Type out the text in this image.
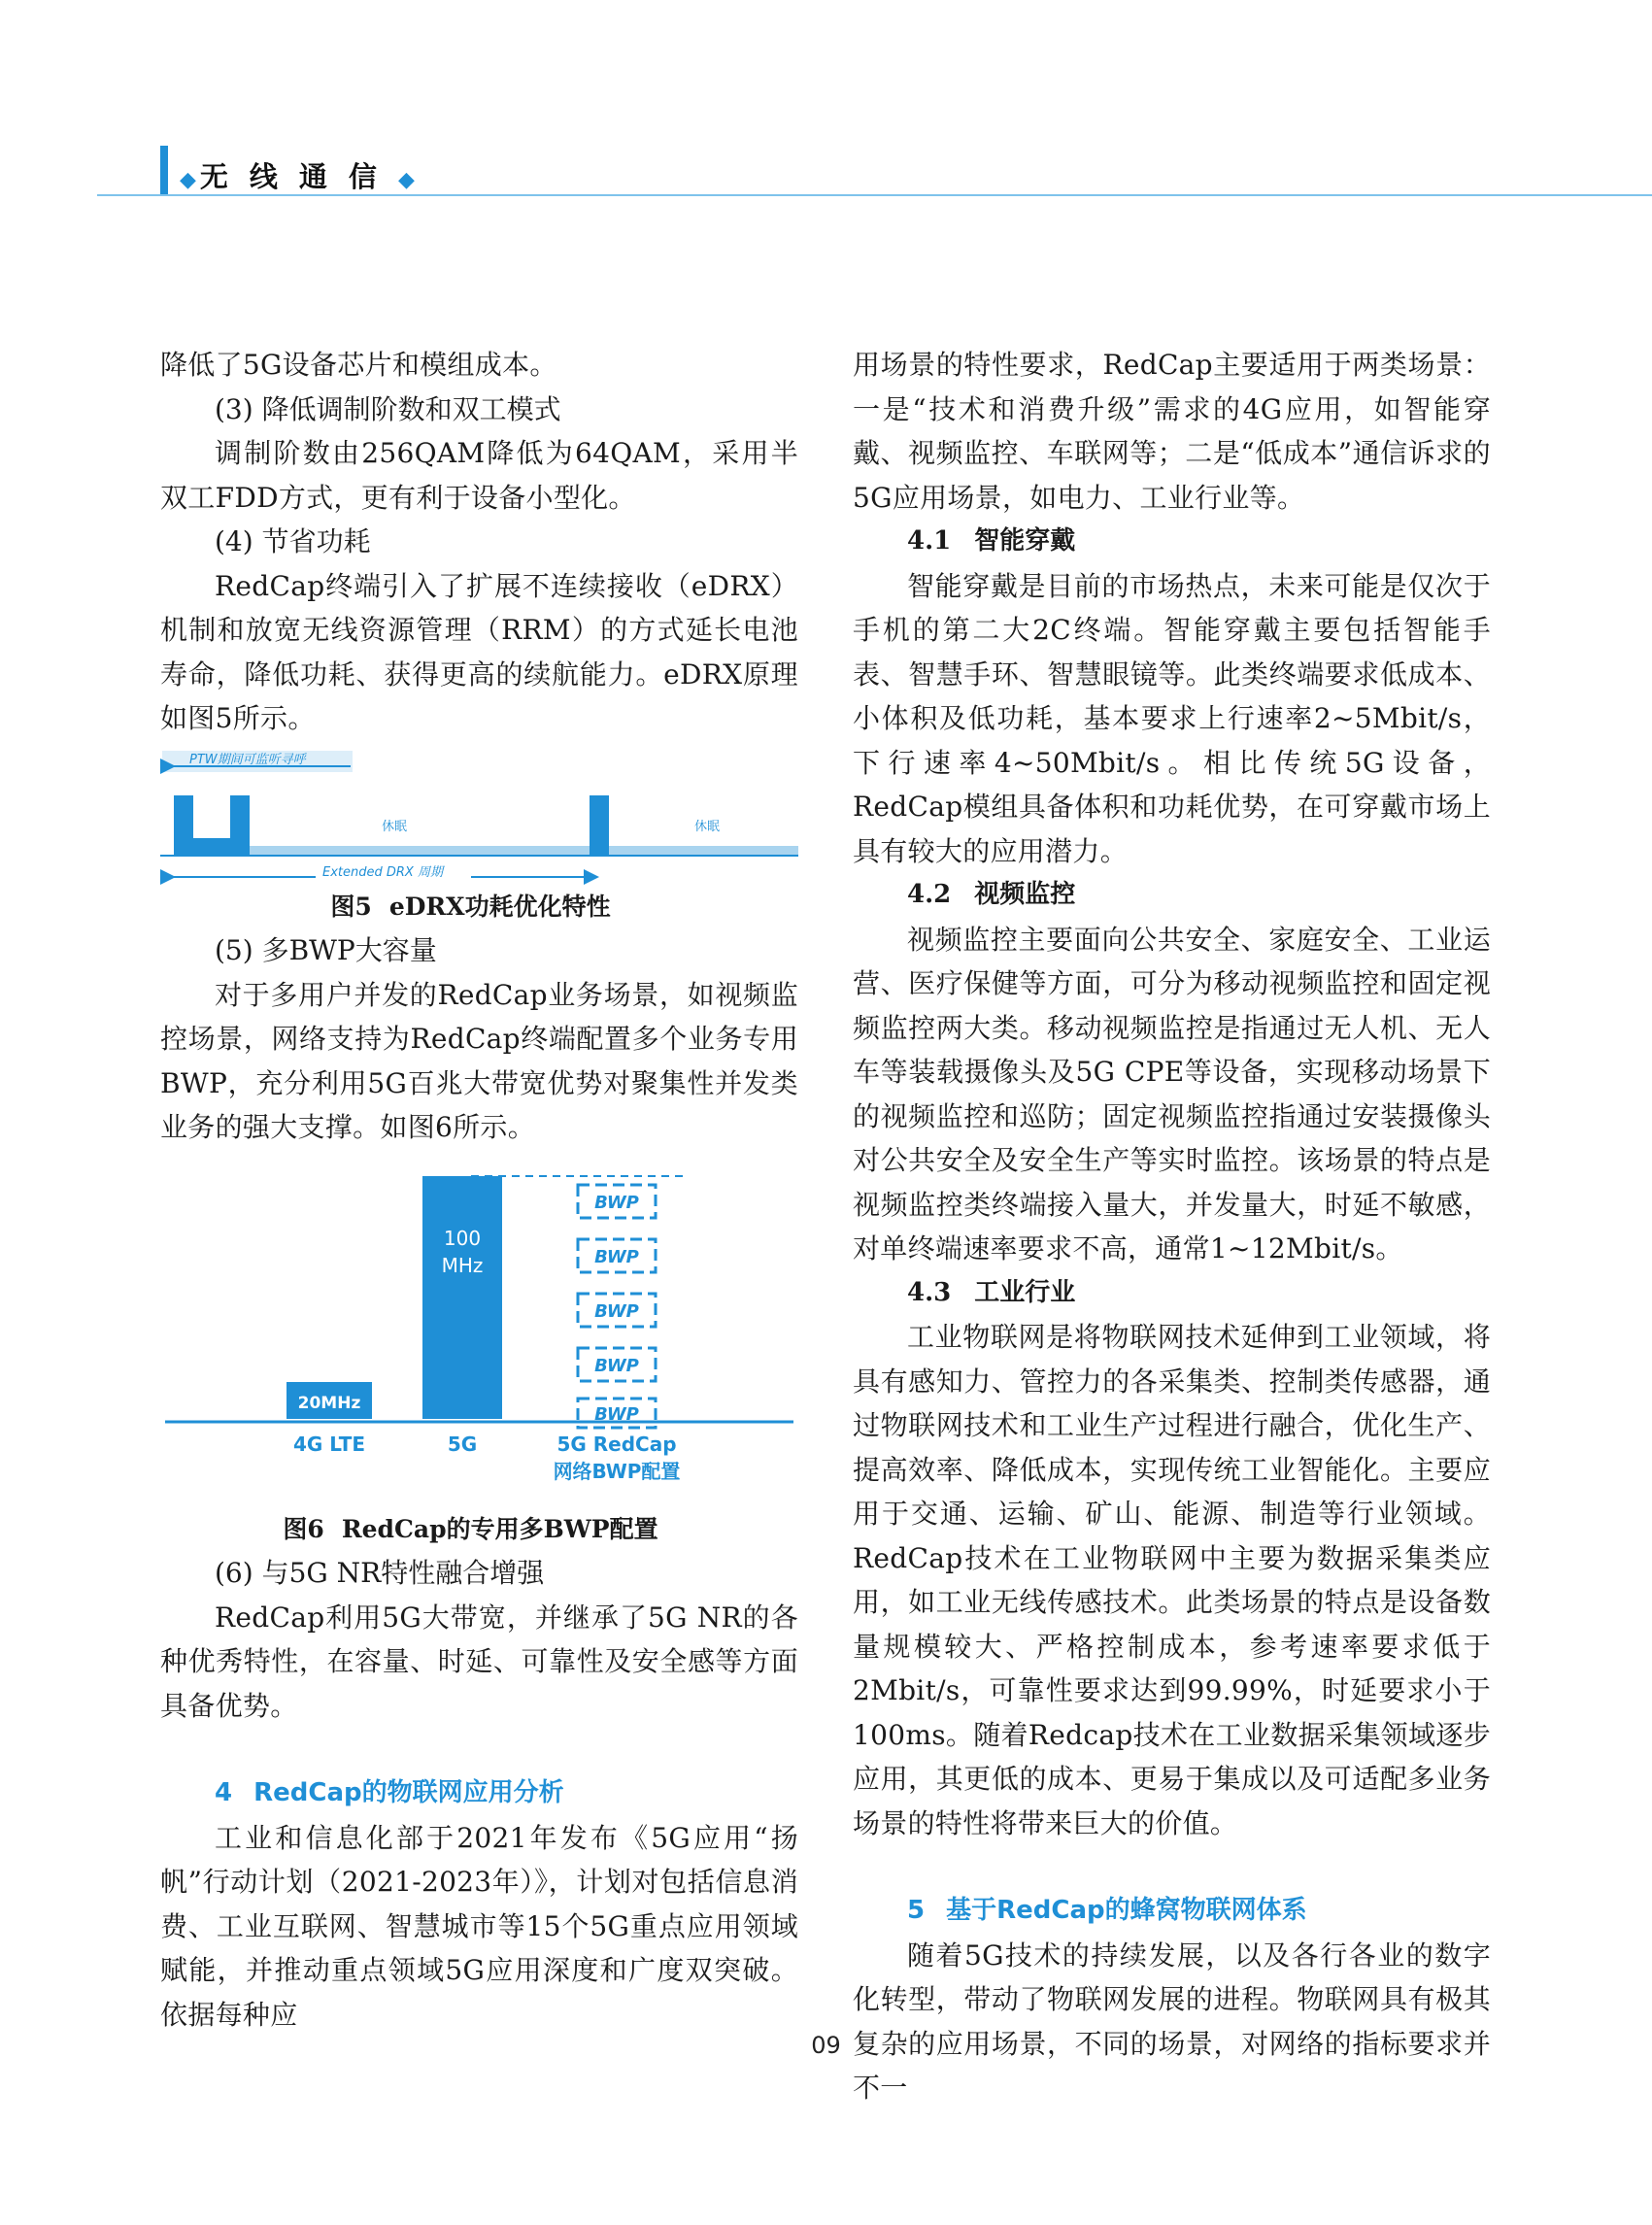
◆无线通信◆

降低了5G设备芯片和模组成本。

(3) 降低调制阶数和双工模式

调制阶数由256QAM降低为64QAM，采用半双工FDD方式，更有利于设备小型化。

(4) 节省功耗

RedCap终端引入了扩展不连续接收（eDRX）机制和放宽无线资源管理（RRM）的方式延长电池寿命，降低功耗、获得更高的续航能力。eDRX原理如图5所示。

PTW期间可监听寻呼
休眠	休眠
Extended DRX 周期

图5 eDRX功耗优化特性

(5) 多BWP大容量

对于多用户并发的RedCap业务场景，如视频监控场景，网络支持为RedCap终端配置多个业务专用BWP，充分利用5G百兆大带宽优势对聚集性并发类业务的强大支撑。如图6所示。

20MHz
100
MHz
BWP
BWP
BWP
BWP
BWP
4G LTE	5G	5G RedCap
网络BWP配置

图6 RedCap的专用多BWP配置

(6) 与5G NR特性融合增强

RedCap利用5G大带宽，并继承了5G NR的各种优秀特性，在容量、时延、可靠性及安全感等方面具备优势。

4 RedCap的物联网应用分析

工业和信息化部于2021年发布《5G应用“扬帆”行动计划（2021-2023年）》，计划对包括信息消费、工业互联网、智慧城市等15个5G重点应用领域赋能，并推动重点领域5G应用深度和广度双突破。依据每种应

用场景的特性要求，RedCap主要适用于两类场景：一是“技术和消费升级”需求的4G应用，如智能穿戴、视频监控、车联网等；二是“低成本”通信诉求的5G应用场景，如电力、工业行业等。

4.1 智能穿戴

智能穿戴是目前的市场热点，未来可能是仅次于手机的第二大2C终端。智能穿戴主要包括智能手表、智慧手环、智慧眼镜等。此类终端要求低成本、小体积及低功耗，基本要求上行速率2~5Mbit/s，下行速率4~50Mbit/s。相比传统5G设备，RedCap模组具备体积和功耗优势，在可穿戴市场上具有较大的应用潜力。

4.2 视频监控

视频监控主要面向公共安全、家庭安全、工业运营、医疗保健等方面，可分为移动视频监控和固定视频监控两大类。移动视频监控是指通过无人机、无人车等装载摄像头及5G CPE等设备，实现移动场景下的视频监控和巡防；固定视频监控指通过安装摄像头对公共安全及安全生产等实时监控。该场景的特点是视频监控类终端接入量大，并发量大，时延不敏感，对单终端速率要求不高，通常1~12Mbit/s。

4.3 工业行业

工业物联网是将物联网技术延伸到工业领域，将具有感知力、管控力的各采集类、控制类传感器，通过物联网技术和工业生产过程进行融合，优化生产、提高效率、降低成本，实现传统工业智能化。主要应用于交通、运输、矿山、能源、制造等行业领域。RedCap技术在工业物联网中主要为数据采集类应用，如工业无线传感技术。此类场景的特点是设备数量规模较大、严格控制成本，参考速率要求低于2Mbit/s，可靠性要求达到99.99%，时延要求小于100ms。随着Redcap技术在工业数据采集领域逐步应用，其更低的成本、更易于集成以及可适配多业务场景的特性将带来巨大的价值。

5 基于RedCap的蜂窝物联网体系

随着5G技术的持续发展，以及各行各业的数字化转型，带动了物联网发展的进程。物联网具有极其复杂的应用场景，不同的场景，对网络的指标要求并不一

09
